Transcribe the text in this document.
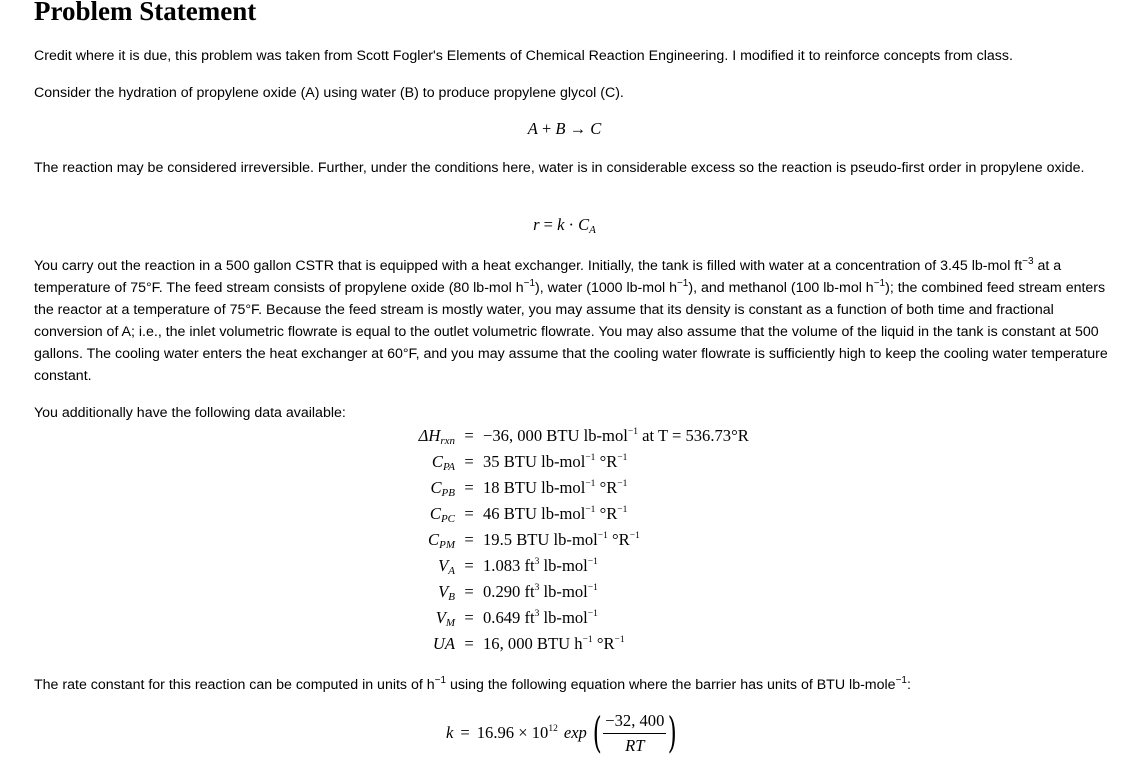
Problem Statement

Credit where it is due, this problem was taken from Scott Fogler's Elements of Chemical Reaction Engineering. I modified it to reinforce concepts from class.

Consider the hydration of propylene oxide (A) using water (B) to produce propylene glycol (C).

A + B → C

The reaction may be considered irreversible. Further, under the conditions here, water is in considerable excess so the reaction is pseudo-first order in propylene oxide.

$r = k \cdot C_A$

You carry out the reaction in a 500 gallon CSTR that is equipped with a heat exchanger. Initially, the tank is filled with water at a concentration of 3.45 lb-mol $ft^{-3}$ at a temperature of 75°F. The feed stream consists of propylene oxide (80 lb-mol $h^{-1}$), water (1000 lb-mol $h^{-1}$), and methanol (100 lb-mol $h^{-1}$); the combined feed stream enters the reactor at a temperature of 75°F. Because the feed stream is mostly water, you may assume that its density is constant as a function of both time and fractional conversion of A; i.e., the inlet volumetric flowrate is equal to the outlet volumetric flowrate. You may also assume that the volume of the liquid in the tank is constant at 500 gallons. The cooling water enters the heat exchanger at 60°F, and you may assume that the cooling water flowrate is sufficiently high to keep the cooling water temperature constant.

You additionally have the following data available:

$\Delta H_{rxn} = -36$, 000 BTU lb-mol$^{-1}$ at T = 536.73°R
$C_{PA} = 35$ BTU lb-mol$^{-1}$ $^\circ R^{-1}$
$C_{PB} = 18$ BTU lb-mol$^{-1}$ $^\circ R^{-1}$
$C_{PC} = 46$ BTU lb-mol$^{-1}$ $^\circ R^{-1}$
$C_{PM} = 19.5$ BTU lb-mol$^{-1}$ $^\circ R^{-1}$
$V_A = 1.083$ $ft^3$ lb-mol$^{-1}$
$V_B = 0.290$ $ft^3$ lb-mol$^{-1}$
$V_M = 0.649$ $ft^3$ lb-mol$^{-1}$
UA = 16, 000 BTU $h^{-1}$ $^\circ R^{-1}$

The rate constant for this reaction can be computed in units of $h^{-1}$ using the following equation where the barrier has units of BTU lb-mole$^{-1}$:

$k = 16.96 \times 10^{12}$ exp ( $\frac{-32, 400}{RT}$ )
